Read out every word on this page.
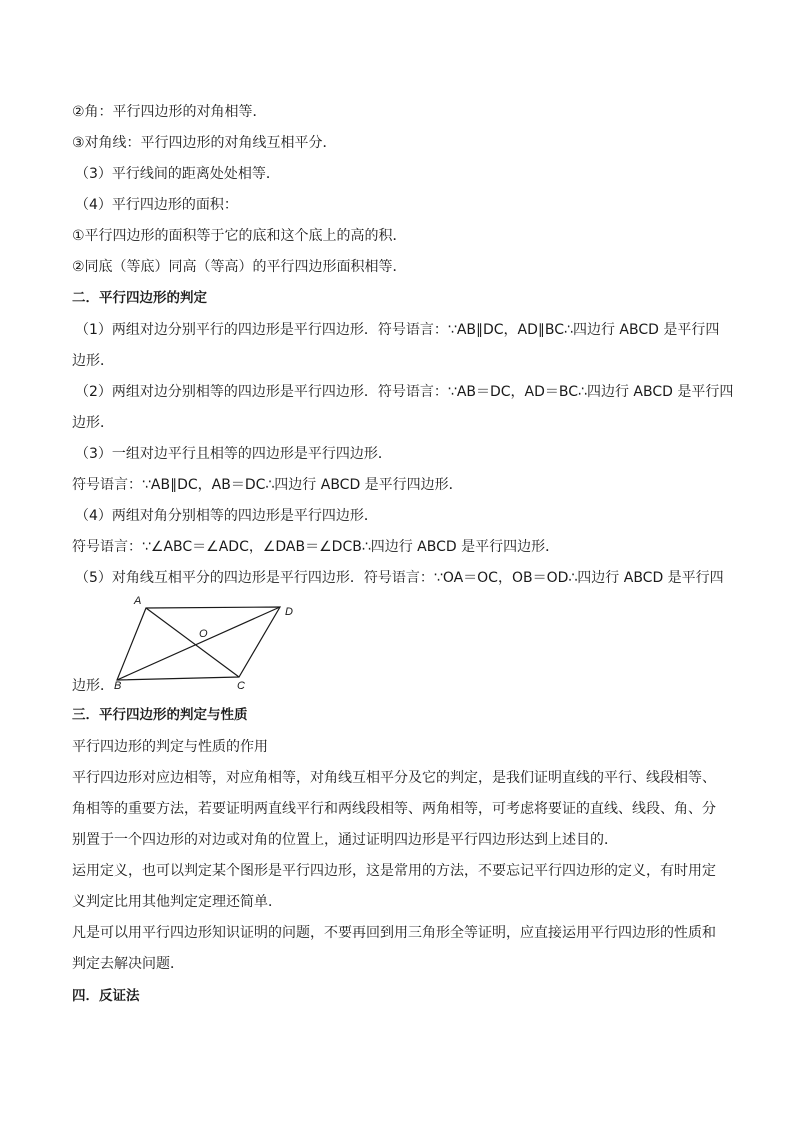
②角：平行四边形的对角相等．
③对角线：平行四边形的对角线互相平分．
（3）平行线间的距离处处相等．
（4）平行四边形的面积：
①平行四边形的面积等于它的底和这个底上的高的积．
②同底（等底）同高（等高）的平行四边形面积相等．
二．平行四边形的判定
（1）两组对边分别平行的四边形是平行四边形．符号语言：∵AB∥DC，AD∥BC∴四边行 ABCD 是平行四
边形．
（2）两组对边分别相等的四边形是平行四边形．符号语言：∵AB＝DC，AD＝BC∴四边行 ABCD 是平行四
边形．
（3）一组对边平行且相等的四边形是平行四边形．
符号语言：∵AB∥DC，AB＝DC∴四边行 ABCD 是平行四边形．
（4）两组对角分别相等的四边形是平行四边形．
符号语言：∵∠ABC＝∠ADC，∠DAB＝∠DCB∴四边行 ABCD 是平行四边形．
（5）对角线互相平分的四边形是平行四边形．符号语言：∵OA＝OC，OB＝OD∴四边行 ABCD 是平行四
A
D
O
B	C
边形．
三．平行四边形的判定与性质
平行四边形的判定与性质的作用
平行四边形对应边相等，对应角相等，对角线互相平分及它的判定，是我们证明直线的平行、线段相等、
角相等的重要方法，若要证明两直线平行和两线段相等、两角相等，可考虑将要证的直线、线段、角、分
别置于一个四边形的对边或对角的位置上，通过证明四边形是平行四边形达到上述目的．
运用定义，也可以判定某个图形是平行四边形，这是常用的方法，不要忘记平行四边形的定义，有时用定
义判定比用其他判定定理还简单．
凡是可以用平行四边形知识证明的问题，不要再回到用三角形全等证明，应直接运用平行四边形的性质和
判定去解决问题．
四．反证法
